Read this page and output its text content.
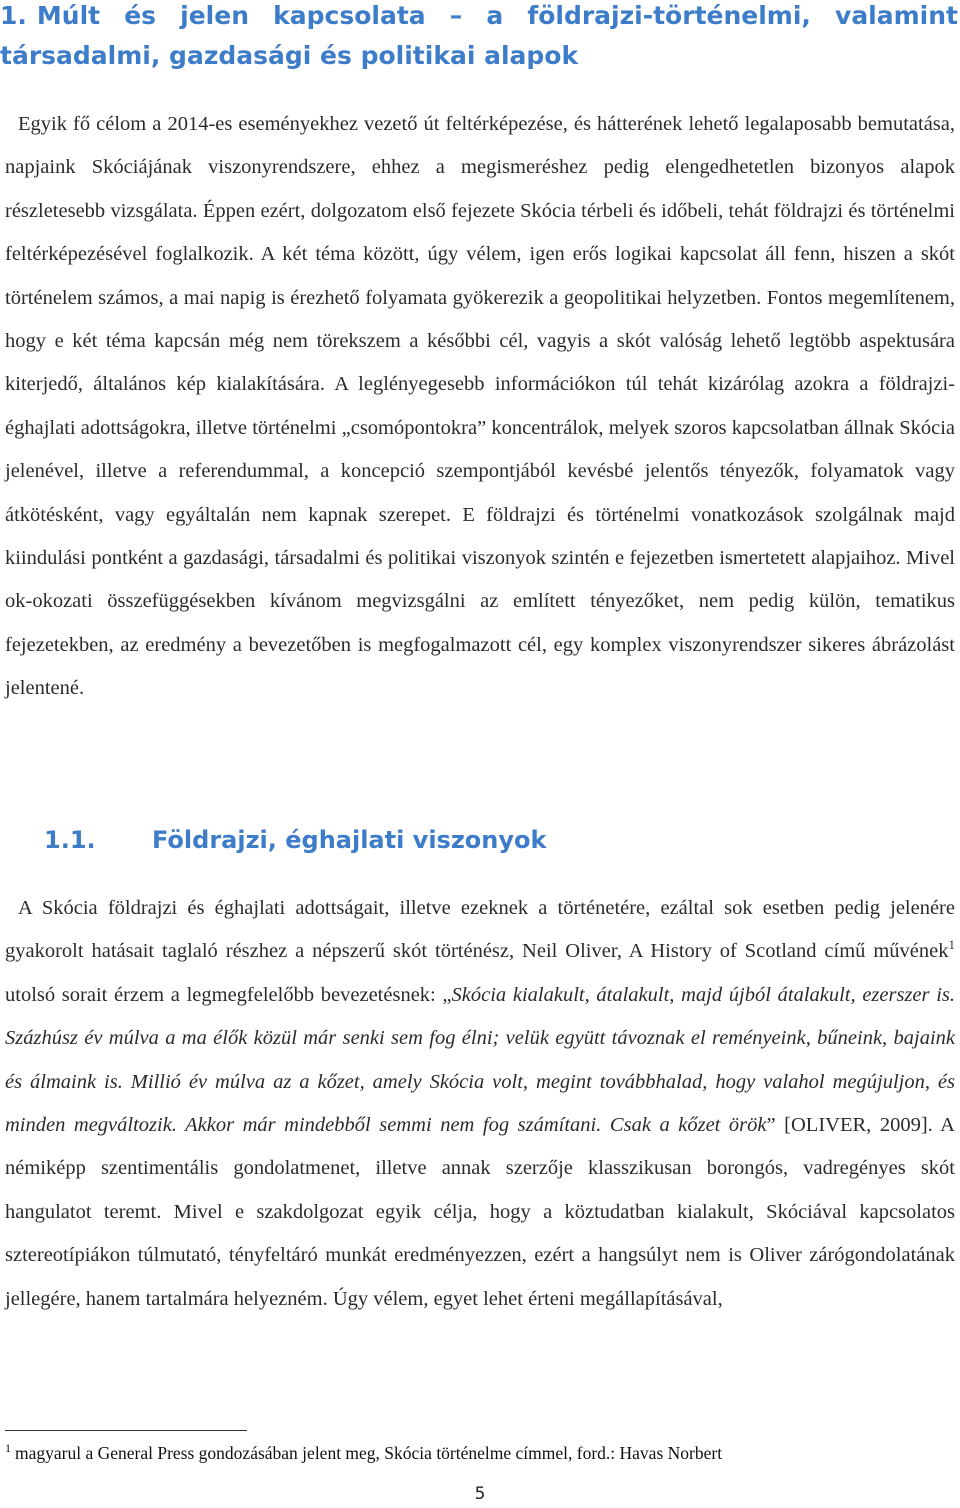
1. Múlt és jelen kapcsolata – a földrajzi-történelmi, valamint
társadalmi, gazdasági és politikai alapok
Egyik fő célom a 2014-es eseményekhez vezető út feltérképezése, és hátterének lehető legalaposabb bemutatása, napjaink Skóciájának viszonyrendszere, ehhez a megismeréshez pedig elengedhetetlen bizonyos alapok részletesebb vizsgálata. Éppen ezért, dolgozatom első fejezete Skócia térbeli és időbeli, tehát földrajzi és történelmi feltérképezésével foglalkozik. A két téma között, úgy vélem, igen erős logikai kapcsolat áll fenn, hiszen a skót történelem számos, a mai napig is érezhető folyamata gyökerezik a geopolitikai helyzetben. Fontos megemlítenem, hogy e két téma kapcsán még nem törekszem a későbbi cél, vagyis a skót valóság lehető legtöbb aspektusára kiterjedő, általános kép kialakítására. A leglényegesebb információkon túl tehát kizárólag azokra a földrajzi-éghajlati adottságokra, illetve történelmi „csomópontokra” koncentrálok, melyek szoros kapcsolatban állnak Skócia jelenével, illetve a referendummal, a koncepció szempontjából kevésbé jelentős tényezők, folyamatok vagy átkötésként, vagy egyáltalán nem kapnak szerepet. E földrajzi és történelmi vonatkozások szolgálnak majd kiindulási pontként a gazdasági, társadalmi és politikai viszonyok szintén e fejezetben ismertetett alapjaihoz. Mivel ok-okozati összefüggésekben kívánom megvizsgálni az említett tényezőket, nem pedig külön, tematikus fejezetekben, az eredmény a bevezetőben is megfogalmazott cél, egy komplex viszonyrendszer sikeres ábrázolást jelentené.
1.1. Földrajzi, éghajlati viszonyok
A Skócia földrajzi és éghajlati adottságait, illetve ezeknek a történetére, ezáltal sok esetben pedig jelenére gyakorolt hatásait taglaló részhez a népszerű skót történész, Neil Oliver, A History of Scotland című művének$^1$ utolsó sorait érzem a legmegfelelőbb bevezetésnek: „Skócia kialakult, átalakult, majd újból átalakult, ezerszer is. Százhúsz év múlva a ma élők közül már senki sem fog élni; velük együtt távoznak el reményeink, bűneink, bajaink és álmaink is. Millió év múlva az a kőzet, amely Skócia volt, megint továbbhalad, hogy valahol megújuljon, és minden megváltozik. Akkor már mindebből semmi nem fog számítani. Csak a kőzet örök” [OLIVER, 2009]. A némiképp szentimentális gondolatmenet, illetve annak szerzője klasszikusan borongós, vadregényes skót hangulatot teremt. Mivel e szakdolgozat egyik célja, hogy a köztudatban kialakult, Skóciával kapcsolatos sztereotípiákon túlmutató, tényfeltáró munkát eredményezzen, ezért a hangsúlyt nem is Oliver zárógondolatának jellegére, hanem tartalmára helyezném. Úgy vélem, egyet lehet érteni megállapításával,
$^1$ magyarul a General Press gondozásában jelent meg, Skócia történelme címmel, ford.: Havas Norbert
5
